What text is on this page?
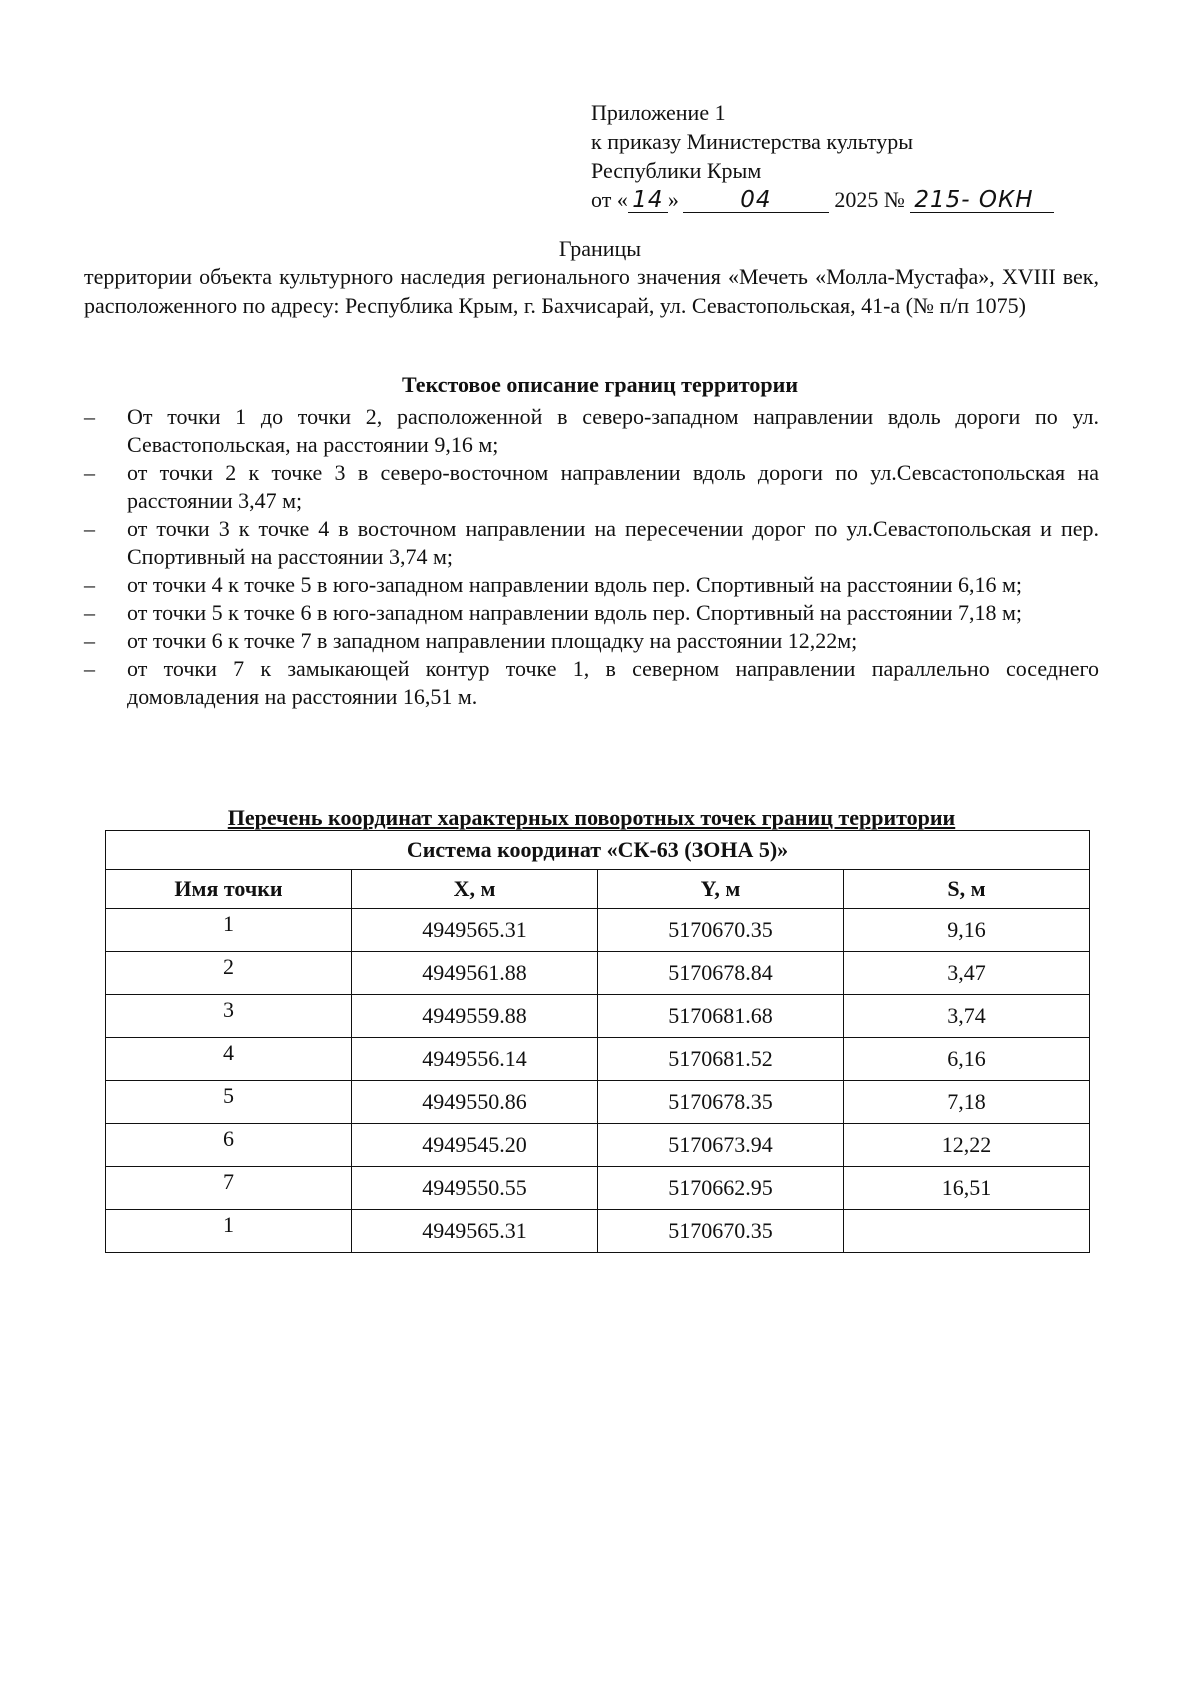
Приложение 1
к приказу Министерства культуры
Республики Крым
от « 14 »	04	2025 № 215- ОКН
Границы
территории объекта культурного наследия регионального значения «Мечеть «Молла-Мустафа», XVIII век, расположенного по адресу: Республика Крым, г. Бахчисарай, ул. Севастопольская, 41-а (№ п/п 1075)
Текстовое описание границ территории
– От точки 1 до точки 2, расположенной в северо-западном направлении вдоль дороги по ул. Севастопольская, на расстоянии 9,16 м;
– от точки 2 к точке 3 в северо-восточном направлении вдоль дороги по ул.Севсастопольская на расстоянии 3,47 м;
– от точки 3 к точке 4 в восточном направлении на пересечении дорог по ул.Севастопольская и пер. Спортивный на расстоянии 3,74 м;
– от точки 4 к точке 5 в юго-западном направлении вдоль пер. Спортивный на расстоянии 6,16 м;
– от точки 5 к точке 6 в юго-западном направлении вдоль пер. Спортивный на расстоянии 7,18 м;
– от точки 6 к точке 7 в западном направлении площадку на расстоянии 12,22м;
– от точки 7 к замыкающей контур точке 1, в северном направлении параллельно соседнего домовладения на расстоянии 16,51 м.
Перечень координат характерных поворотных точек границ территории
Система координат «СК-63 (ЗОНА 5)»			
Имя точки	X, м	Y, м	S, м
1	4949565.31	5170670.35	9,16
2	4949561.88	5170678.84	3,47
3	4949559.88	5170681.68	3,74
4	4949556.14	5170681.52	6,16
5	4949550.86	5170678.35	7,18
6	4949545.20	5170673.94	12,22
7	4949550.55	5170662.95	16,51
1	4949565.31	5170670.35	
